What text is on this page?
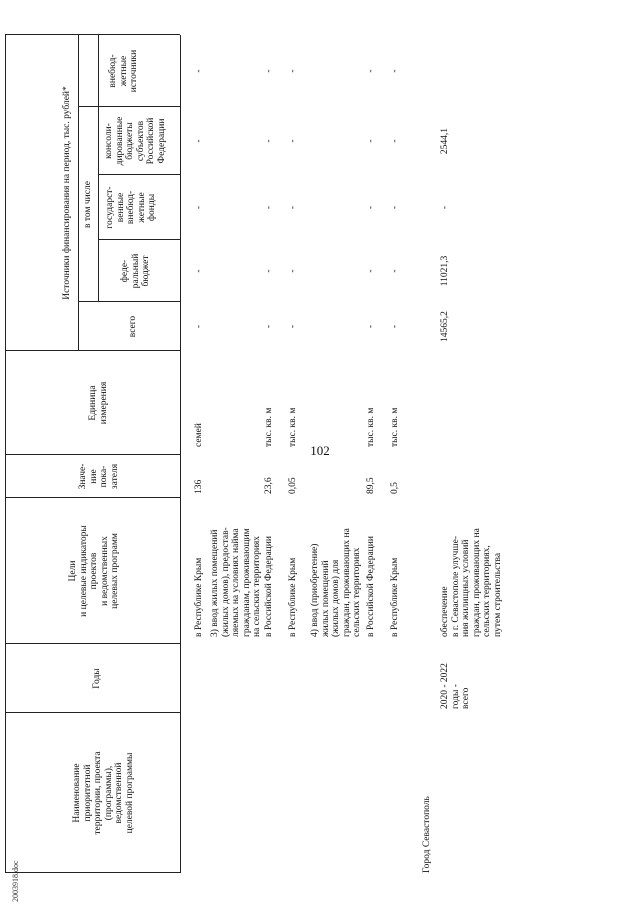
102
2003918.doc
Наименование приоритетной территории, проекта (программы), ведомственной целевой программы
Годы
Цели и целевые индикаторы проектов и ведомственных целевых программ
Значе- ние пока- зателя
Единица измерения
Источники финансирования на период, тыс. рублей*
всего
в том числе
феде- ральный бюджет
государст- венные внебюд- жетные фонды
консоли- дированные бюджеты субъектов Российской Федерации
внебюд- жетные источники
в Республике Крым
136
семей
-
-
-
-
-
3) ввод жилых помещений (жилых домов), предостав- ляемых на условиях найма гражданам, проживающим на сельских территориях в Российской Федерации
23,6
тыс. кв. м
-
-
-
-
-
в Республике Крым
0,05
тыс. кв. м
-
-
-
-
-
4) ввод (приобретение) жилых помещений (жилых домов) для граждан, проживающих на сельских территориях в Российской Федерации
89,5
тыс. кв. м
-
-
-
-
-
в Республике Крым
0,5
тыс. кв. м
-
-
-
-
-
Город Севастополь
2020 - 2022 годы - всего
обеспечение в г. Севастополе улучше- ния жилищных условий граждан, проживающих на сельских территориях, путем строительства
14565,2
11021,3
-
2544,1
